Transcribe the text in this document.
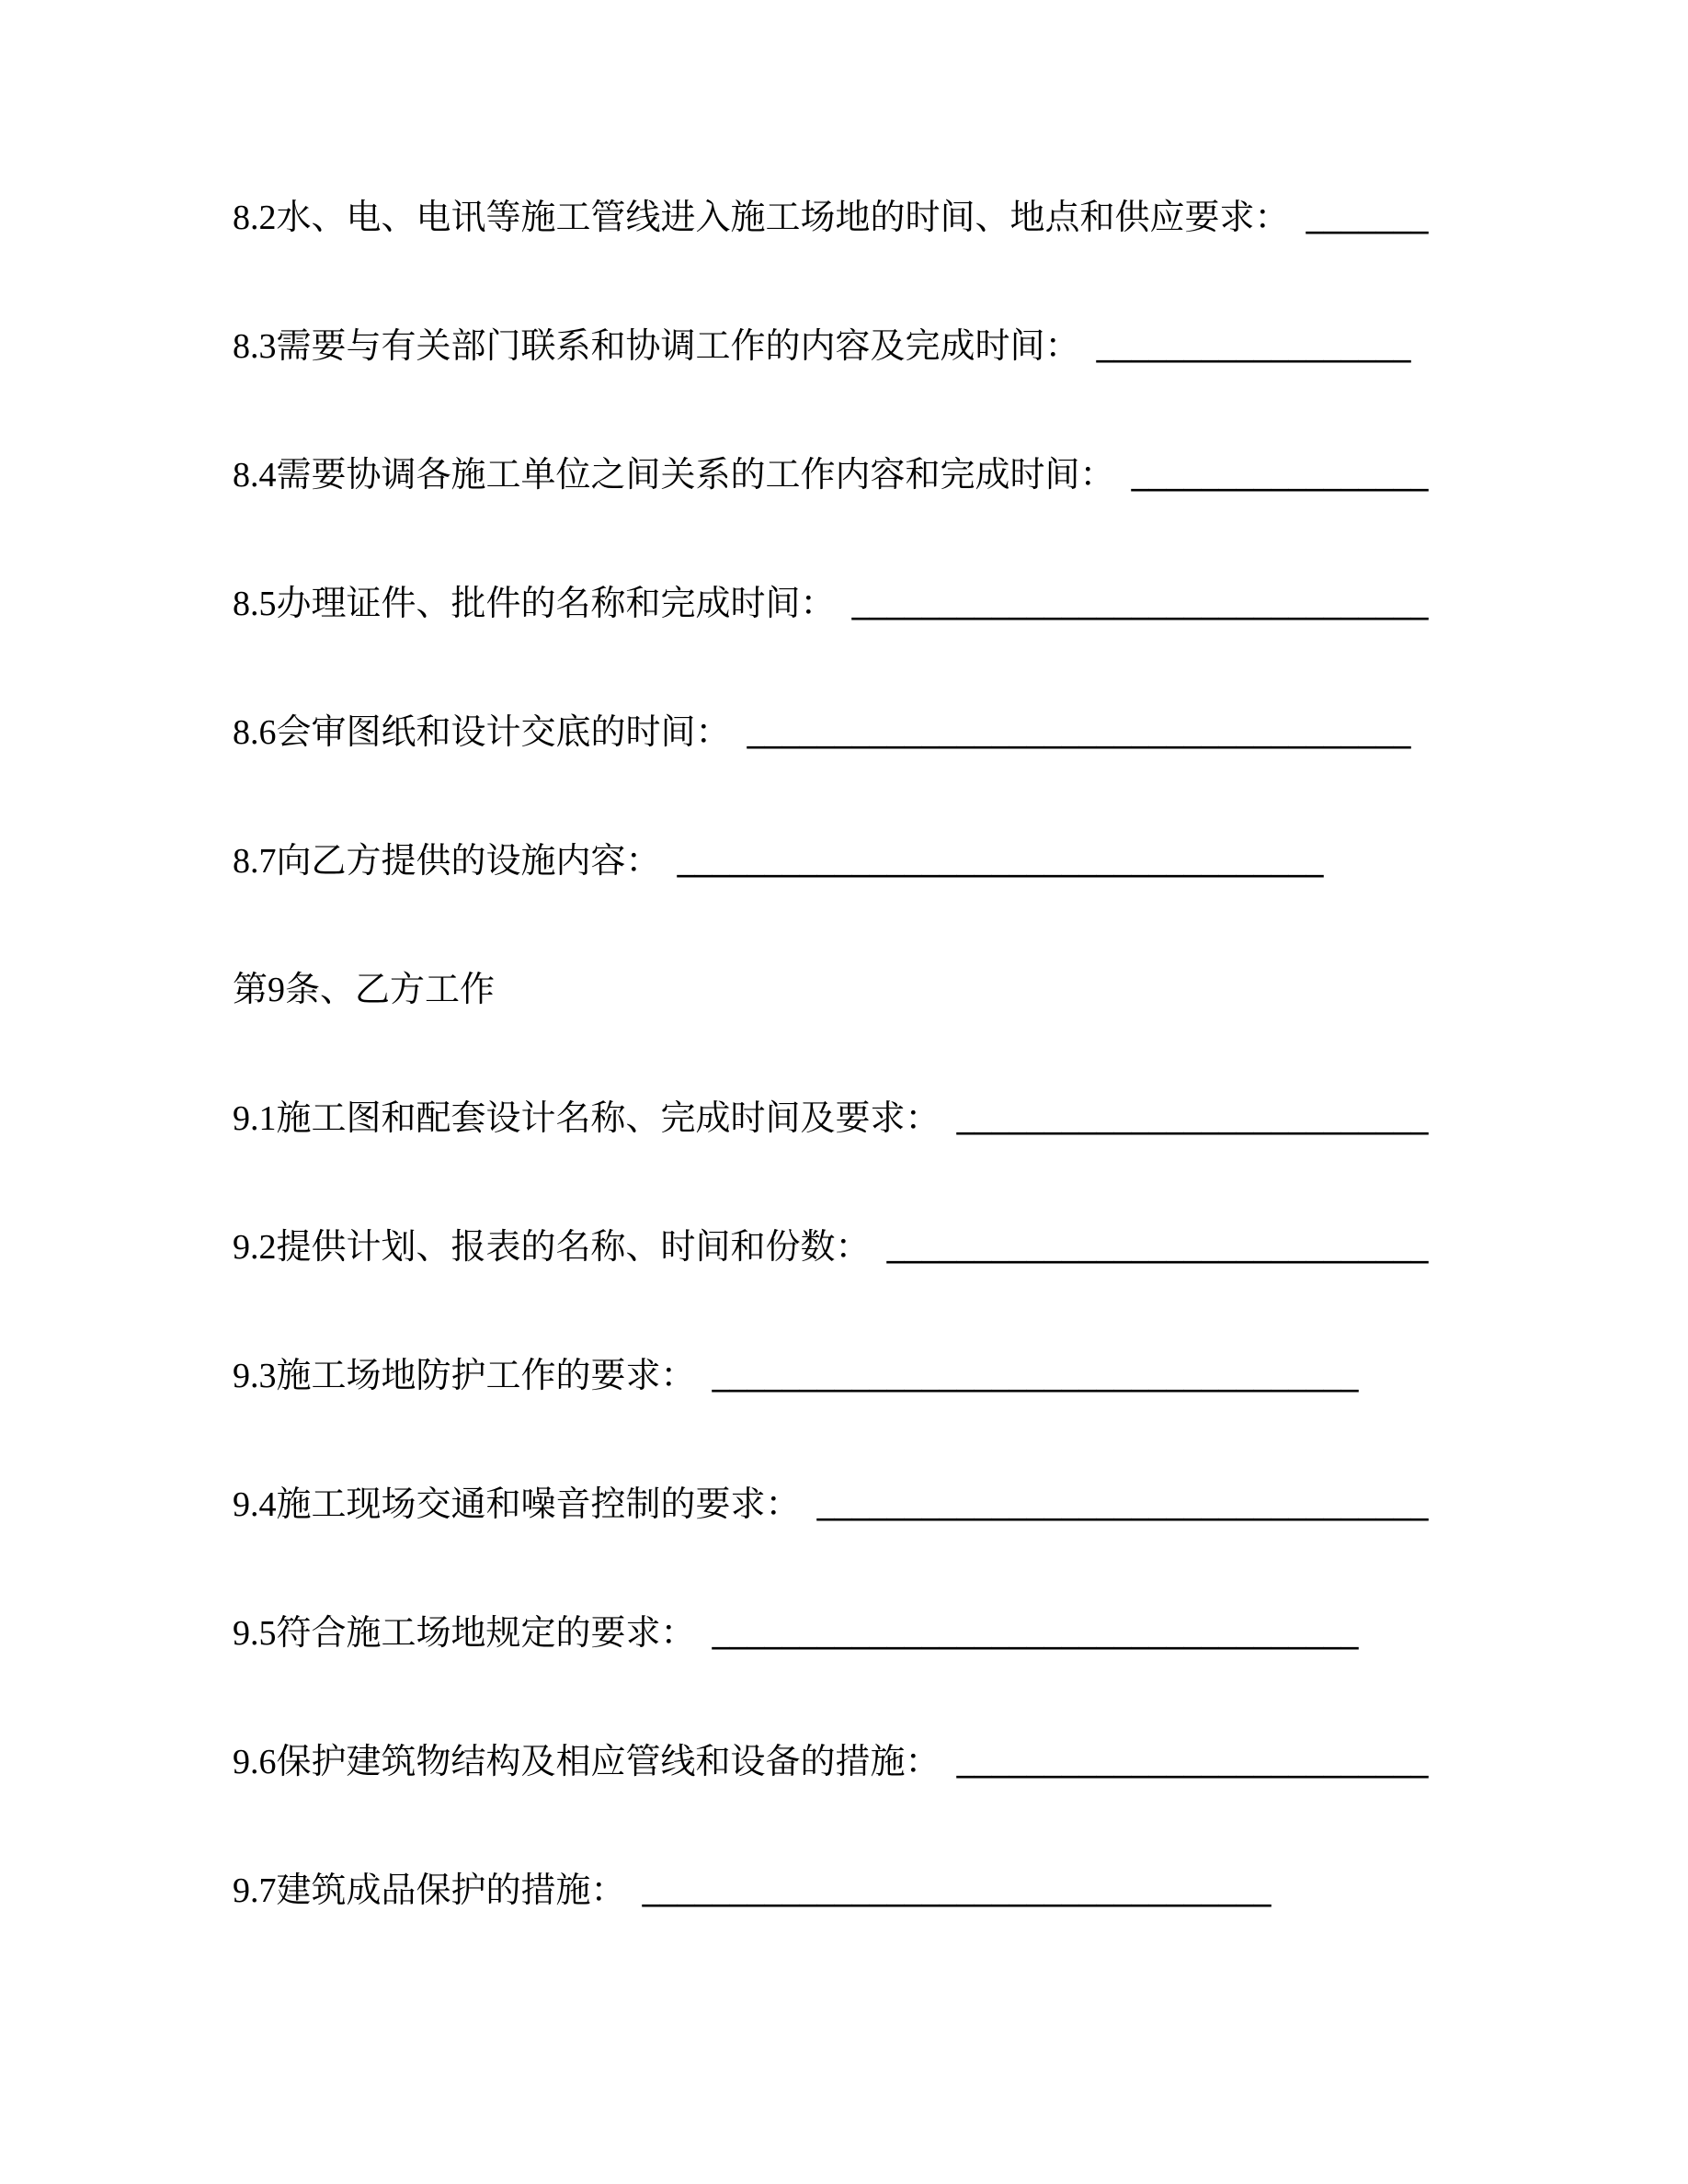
8.2水、电、电讯等施工管线进入施工场地的时间、地点和供应要求： _______

8.3需要与有关部门联系和协调工作的内容及完成时间： __________________

8.4需要协调各施工单位之间关系的工作内容和完成时间： _________________

8.5办理证件、批件的名称和完成时间： _________________________________

8.6会审图纸和设计交底的时间： ______________________________________

8.7向乙方提供的设施内容： _____________________________________

第9条、乙方工作

9.1施工图和配套设计名称、完成时间及要求： ___________________________

9.2提供计划、报表的名称、时间和份数： _______________________________

9.3施工场地防护工作的要求： _____________________________________

9.4施工现场交通和噪音控制的要求： ___________________________________

9.5符合施工场地规定的要求： _____________________________________

9.6保护建筑物结构及相应管线和设备的措施： ___________________________

9.7建筑成品保护的措施： ____________________________________
